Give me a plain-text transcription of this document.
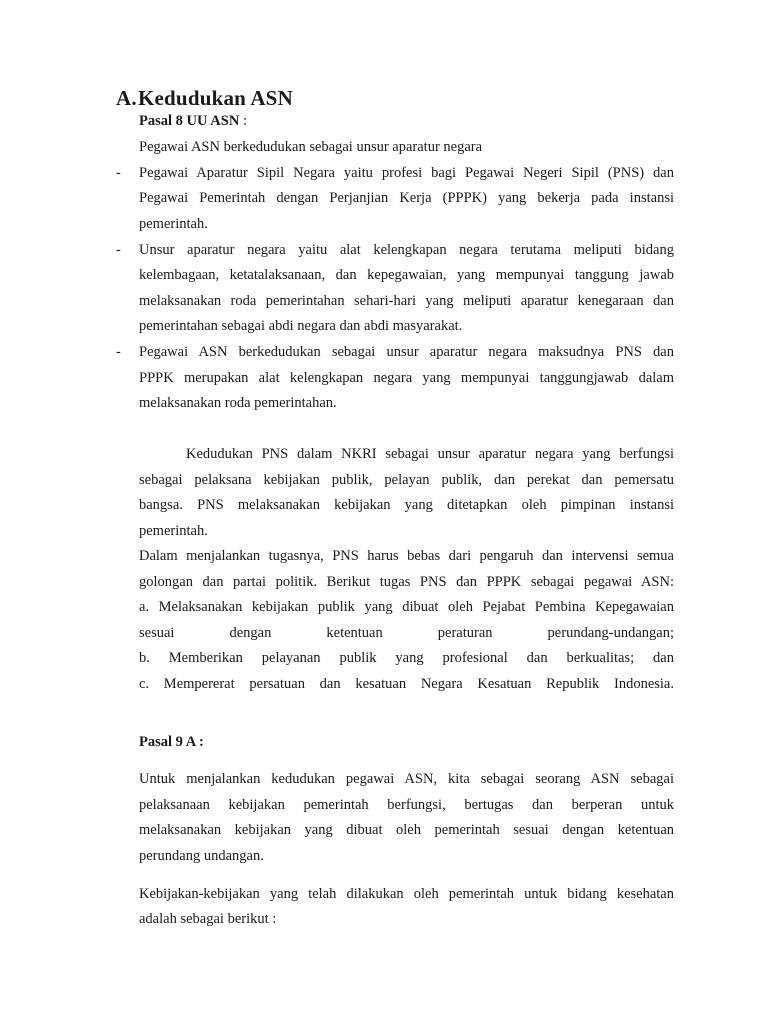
A.Kedudukan ASN
Pasal 8 UU ASN :
Pegawai ASN berkedudukan sebagai unsur aparatur negara
- Pegawai Aparatur Sipil Negara yaitu profesi bagi Pegawai Negeri Sipil (PNS) dan
Pegawai Pemerintah dengan Perjanjian Kerja (PPPK) yang bekerja pada instansi
pemerintah.
- Unsur aparatur negara yaitu alat kelengkapan negara terutama meliputi bidang
kelembagaan, ketatalaksanaan, dan kepegawaian, yang mempunyai tanggung jawab
melaksanakan roda pemerintahan sehari-hari yang meliputi aparatur kenegaraan dan
pemerintahan sebagai abdi negara dan abdi masyarakat.
- Pegawai ASN berkedudukan sebagai unsur aparatur negara maksudnya PNS dan
PPPK merupakan alat kelengkapan negara yang mempunyai tanggungjawab dalam
melaksanakan roda pemerintahan.
Kedudukan PNS dalam NKRI sebagai unsur aparatur negara yang berfungsi
sebagai pelaksana kebijakan publik, pelayan publik, dan perekat dan pemersatu
bangsa. PNS melaksanakan kebijakan yang ditetapkan oleh pimpinan instansi
pemerintah.
Dalam menjalankan tugasnya, PNS harus bebas dari pengaruh dan intervensi semua
golongan dan partai politik. Berikut tugas PNS dan PPPK sebagai pegawai ASN:
a. Melaksanakan kebijakan publik yang dibuat oleh Pejabat Pembina Kepegawaian
sesuai dengan ketentuan peraturan perundang-undangan;
b. Memberikan pelayanan publik yang profesional dan berkualitas; dan
c. Mempererat persatuan dan kesatuan Negara Kesatuan Republik Indonesia.
Pasal 9 A :
Untuk menjalankan kedudukan pegawai ASN, kita sebagai seorang ASN sebagai
pelaksanaan kebijakan pemerintah berfungsi, bertugas dan berperan untuk
melaksanakan kebijakan yang dibuat oleh pemerintah sesuai dengan ketentuan
perundang undangan.
Kebijakan-kebijakan yang telah dilakukan oleh pemerintah untuk bidang kesehatan
adalah sebagai berikut :
